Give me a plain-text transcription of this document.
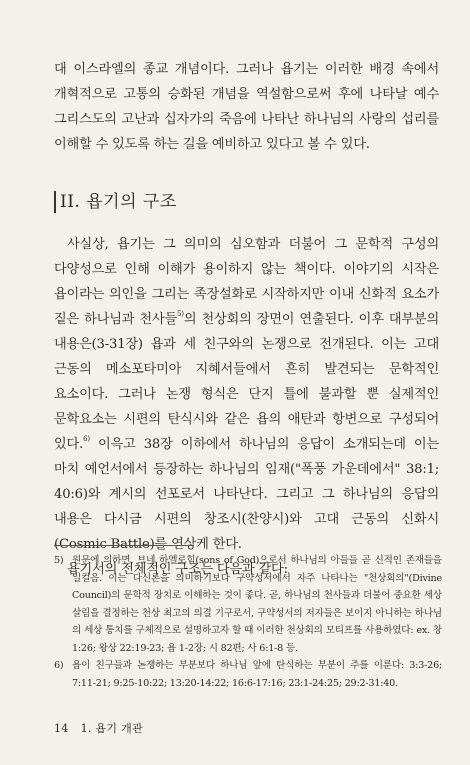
대 이스라엘의 종교 개념이다. 그러나 욥기는 이러한 배경 속에서 개혁적으로 고통의 승화된 개념을 역설함으로써 후에 나타날 예수 그리스도의 고난과 십자가의 죽음에 나타난 하나님의 사랑의 섭리를 이해할 수 있도록 하는 길을 예비하고 있다고 볼 수 있다.

II. 욥기의 구조

사실상, 욥기는 그 의미의 심오함과 더불어 그 문학적 구성의 다양성으로 인해 이해가 용이하지 않는 책이다. 이야기의 시작은 욥이라는 의인을 그리는 족장설화로 시작하지만 이내 신화적 요소가 짙은 하나님과 천사들$^{5)}$의 천상회의 장면이 연출된다. 이후 대부분의 내용은(3-31장) 욥과 세 친구와의 논쟁으로 전개된다. 이는 고대 근동의 메소포타미아 지혜서들에서 흔히 발견되는 문학적인 요소이다. 그러나 논쟁 형식은 단지 틀에 불과할 뿐 실제적인 문학요소는 시편의 탄식시와 같은 욥의 애탄과 항변으로 구성되어 있다.$^{6)}$ 이윽고 38장 이하에서 하나님의 응답이 소개되는데 이는 마치 예언서에서 등장하는 하나님의 임재("폭풍 가운데에서" 38:1; 40:6)와 계시의 선포로서 나타난다. 그리고 그 하나님의 응답의 내용은 다시금 시편의 창조시(찬양시)와 고대 근동의 신화시(Cosmic Battle)를 연상케 한다.

욥기서의 전체적인 구조는 다음과 같다:

5) 원문에 의하면, 브네 하엘로힘(sons of God)으로서 하나님의 아들들 곧 신적인 존재들을 일컬음. 이는 다신론을 의미하기보다 구약성서에서 자주 나타나는 "천상회의"(Divine Council)의 문학적 장치로 이해하는 것이 좋다. 곧, 하나님의 천사들과 더불어 중요한 세상 살림을 결정하는 천상 최고의 의결 기구로서, 구약성서의 저자들은 보이지 아니하는 하나님의 세상 통치를 구체적으로 설명하고자 할 때 이러한 천상회의 모티프를 사용하였다: ex. 창 1:26; 왕상 22:19-23; 욥 1-2장; 시 82편; 사 6:1-8 등.
6) 욥이 친구들과 논쟁하는 부분보다 하나님 앞에 탄식하는 부분이 주를 이룬다: 3:3-26; 7:11-21; 9:25-10:22; 13:20-14:22; 16:6-17:16; 23:1-24:25; 29:2-31:40.
14 1. 욥기 개관
